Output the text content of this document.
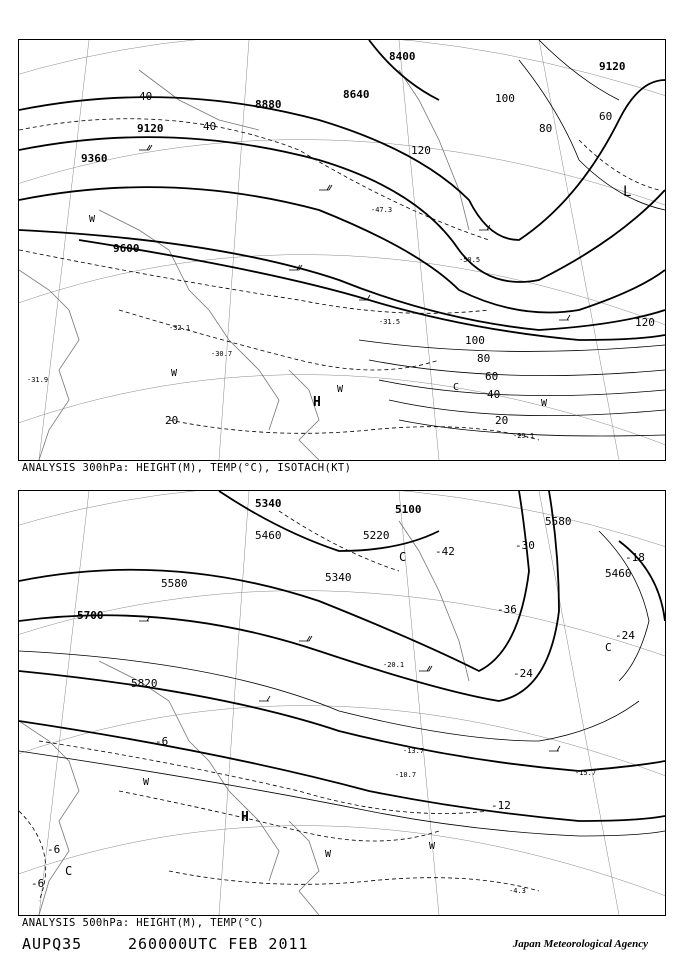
9360
9120
8880
8640
8400
9120
9600
120
100
80
60
40
20
40
60
80
100
120
40
20
-29.1
-31.5
-32.1
-30.7
-31.9
-47.3
-50.5
H
L
W
W
W
W
C
ANALYSIS 300hPa: HEIGHT(M), TEMP(°C), ISOTACH(KT)
5340	5100
5220
5580
5460
5340
5580
5700
5820
5460
-42	-30
-36
-24
-18
-24
-12
-6
-6
-6
H
C
C
C
W
W
W
-4.3
-13.7
-15.7
-10.7
-20.1
ANALYSIS 500hPa: HEIGHT(M), TEMP(°C)
AUPQ35	260000UTC FEB 2011	Japan Meteorological Agency
